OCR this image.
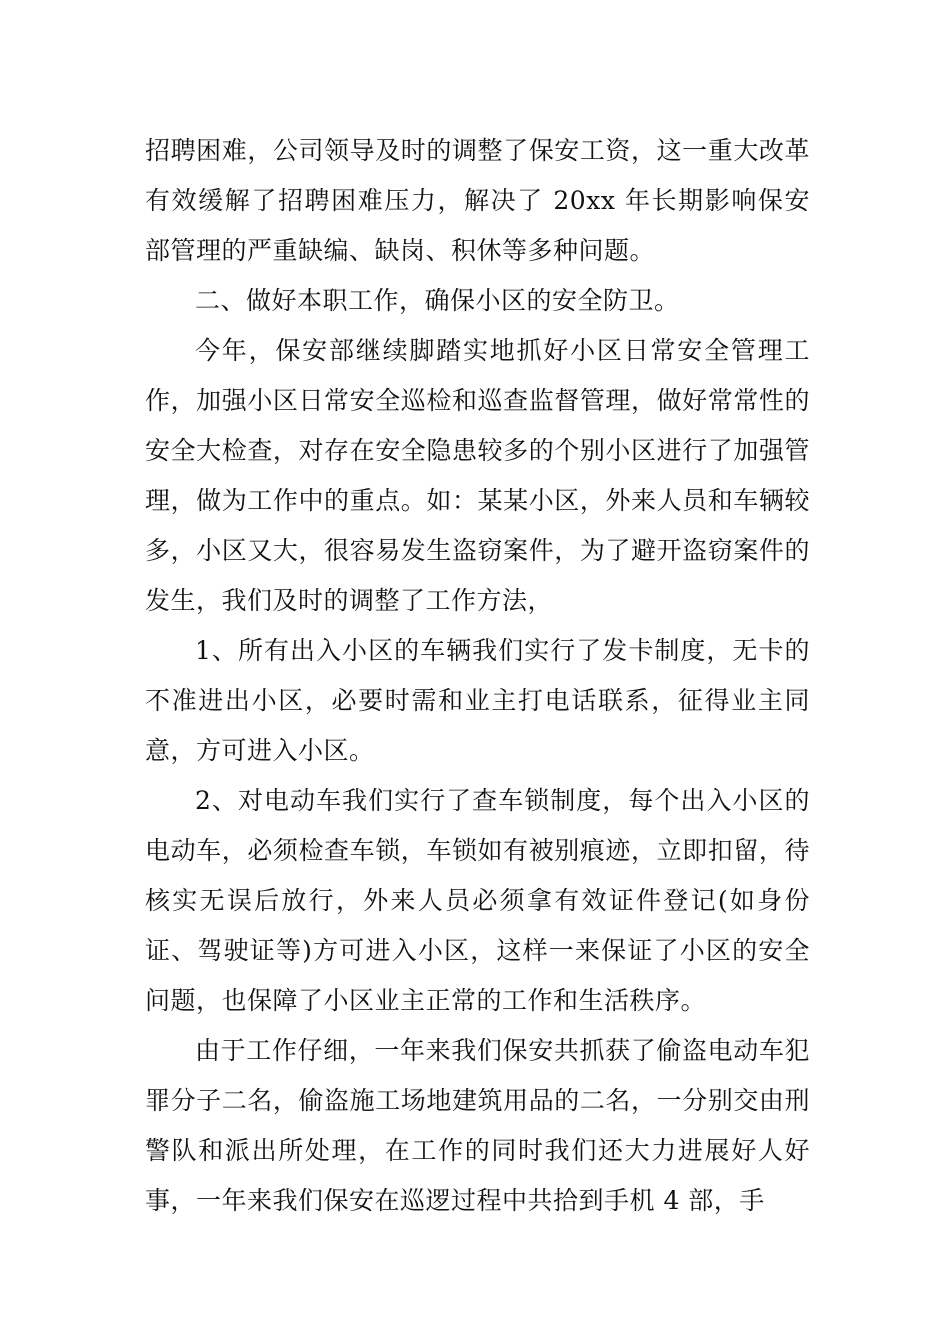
招聘困难，公司领导及时的调整了保安工资，这一重大改革有效缓解了招聘困难压力，解决了 20xx 年长期影响保安部管理的严重缺编、缺岗、积休等多种问题。

二、做好本职工作，确保小区的安全防卫。

今年，保安部继续脚踏实地抓好小区日常安全管理工作，加强小区日常安全巡检和巡查监督管理，做好常常性的安全大检查，对存在安全隐患较多的个别小区进行了加强管理，做为工作中的重点。如：某某小区，外来人员和车辆较多，小区又大，很容易发生盗窃案件，为了避开盗窃案件的发生，我们及时的调整了工作方法，

1、所有出入小区的车辆我们实行了发卡制度，无卡的不准进出小区，必要时需和业主打电话联系，征得业主同意，方可进入小区。

2、对电动车我们实行了查车锁制度，每个出入小区的电动车，必须检查车锁，车锁如有被别痕迹，立即扣留，待核实无误后放行，外来人员必须拿有效证件登记(如身份证、驾驶证等)方可进入小区，这样一来保证了小区的安全问题，也保障了小区业主正常的工作和生活秩序。

由于工作仔细，一年来我们保安共抓获了偷盗电动车犯罪分子二名，偷盗施工场地建筑用品的二名，一分别交由刑警队和派出所处理，在工作的同时我们还大力进展好人好事，一年来我们保安在巡逻过程中共拾到手机 4 部，手
